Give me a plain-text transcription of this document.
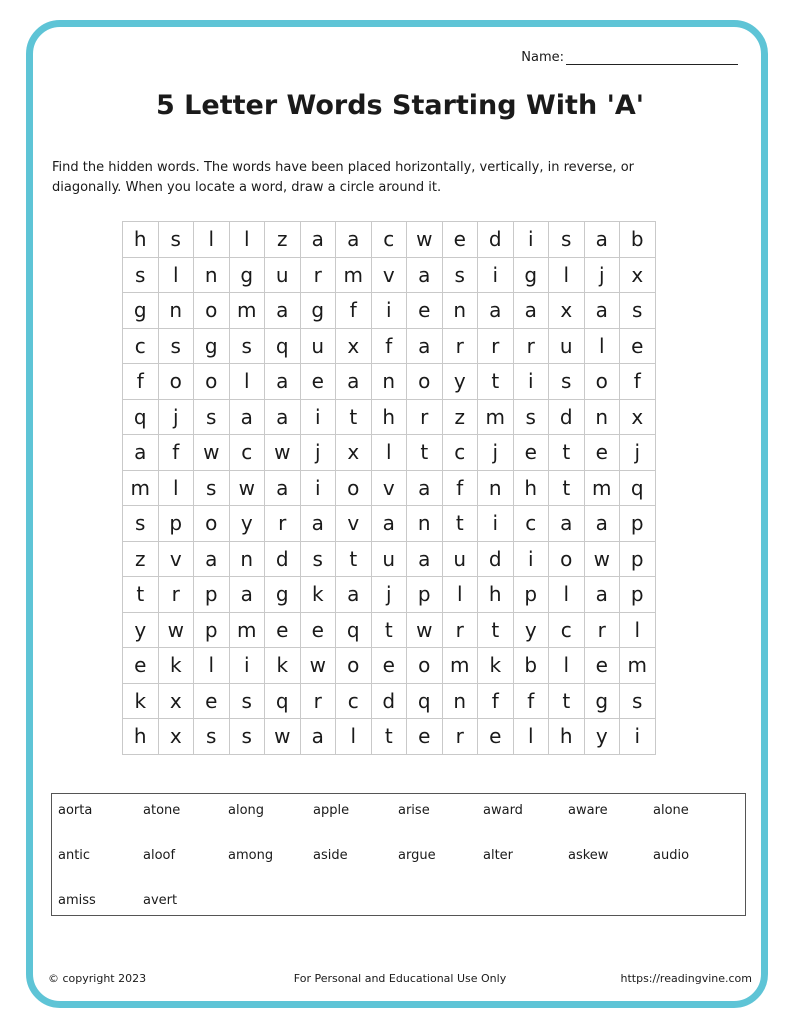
Name:
5 Letter Words Starting With 'A'

Find the hidden words. The words have been placed horizontally, vertically, in reverse, or diagonally. When you locate a word, draw a circle around it.

h	s	l	l	z	a	a	c	w	e	d	i	s	a	b
s	l	n	g	u	r	m	v	a	s	i	g	l	j	x
g	n	o	m	a	g	f	i	e	n	a	a	x	a	s
c	s	g	s	q	u	x	f	a	r	r	r	u	l	e
f	o	o	l	a	e	a	n	o	y	t	i	s	o	f
q	j	s	a	a	i	t	h	r	z	m	s	d	n	x
a	f	w	c	w	j	x	l	t	c	j	e	t	e	j
m	l	s	w	a	i	o	v	a	f	n	h	t	m	q
s	p	o	y	r	a	v	a	n	t	i	c	a	a	p
z	v	a	n	d	s	t	u	a	u	d	i	o	w	p
t	r	p	a	g	k	a	j	p	l	h	p	l	a	p
y	w	p	m	e	e	q	t	w	r	t	y	c	r	l
e	k	l	i	k	w	o	e	o	m	k	b	l	e	m
k	x	e	s	q	r	c	d	q	n	f	f	t	g	s
h	x	s	s	w	a	l	t	e	r	e	l	h	y	i
aorta	atone	along	apple	arise	award	aware	alone
antic	aloof	among	aside	argue	alter	askew	audio
amiss	avert
© copyright 2023	For Personal and Educational Use Only	https://readingvine.com
